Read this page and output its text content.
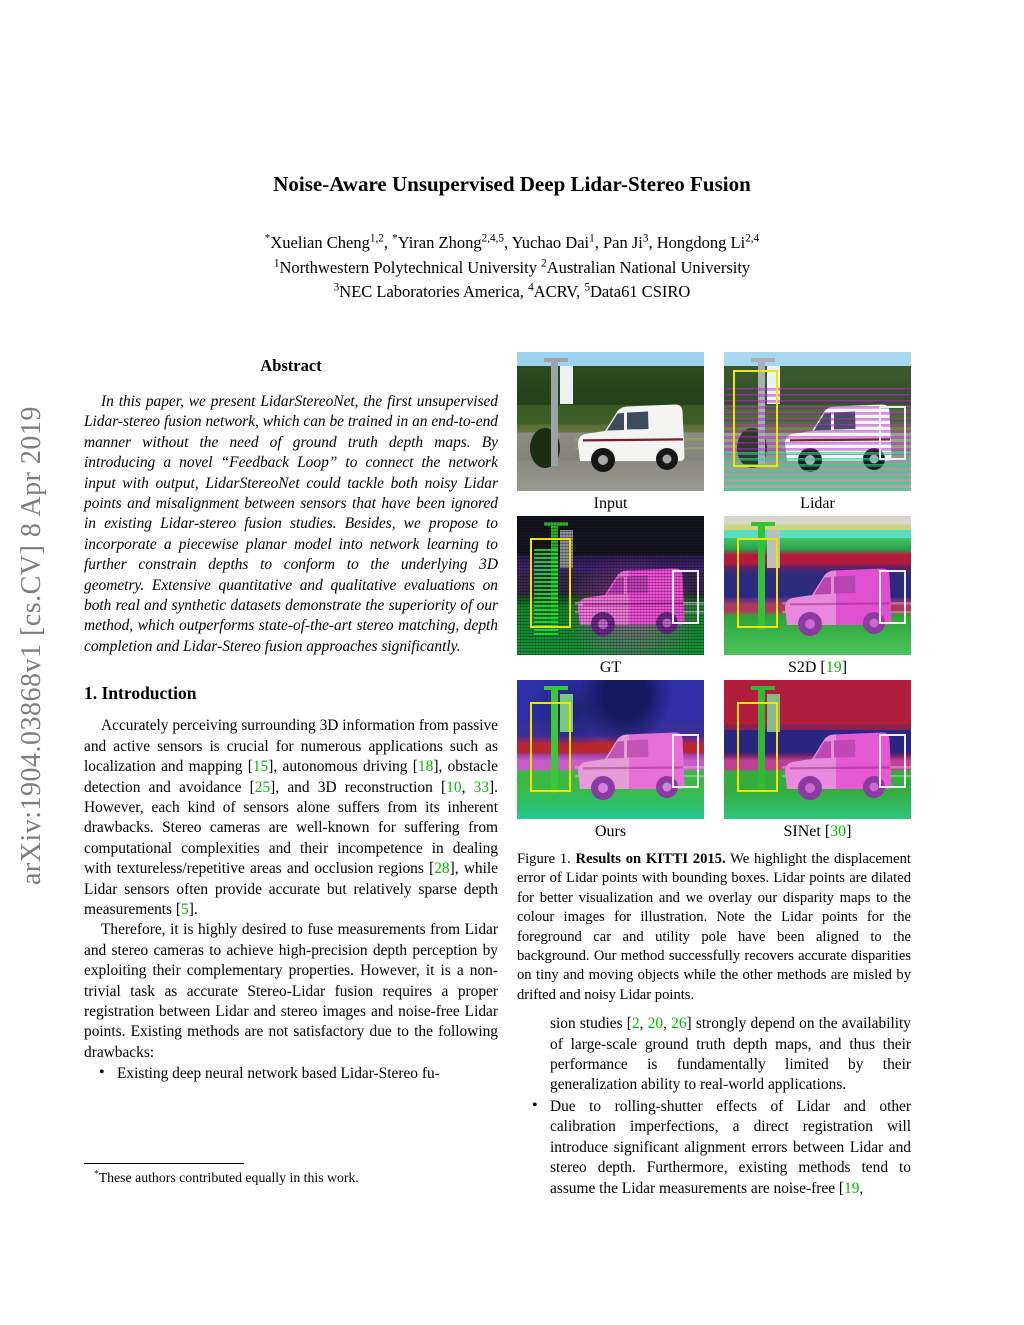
arXiv:1904.03868v1 [cs.CV] 8 Apr 2019
Noise-Aware Unsupervised Deep Lidar-Stereo Fusion
*Xuelian Cheng$^{1,2}$, *Yiran Zhong$^{2,4,5}$, Yuchao Dai$^1$, Pan Ji$^3$, Hongdong Li$^{2,4}$
$^1$Northwestern Polytechnical University $^2$Australian National University
$^3$NEC Laboratories America, $^4$ACRV, $^5$Data61 CSIRO
Abstract
In this paper, we present LidarStereoNet, the first unsupervised Lidar-stereo fusion network, which can be trained in an end-to-end manner without the need of ground truth depth maps. By introducing a novel “Feedback Loop” to connect the network input with output, LidarStereoNet could tackle both noisy Lidar points and misalignment between sensors that have been ignored in existing Lidar-stereo fusion studies. Besides, we propose to incorporate a piecewise planar model into network learning to further constrain depths to conform to the underlying 3D geometry. Extensive quantitative and qualitative evaluations on both real and synthetic datasets demonstrate the superiority of our method, which outperforms state-of-the-art stereo matching, depth completion and Lidar-Stereo fusion approaches significantly.
1. Introduction
Accurately perceiving surrounding 3D information from passive and active sensors is crucial for numerous applications such as localization and mapping [15], autonomous driving [18], obstacle detection and avoidance [25], and 3D reconstruction [10, 33]. However, each kind of sensors alone suffers from its inherent drawbacks. Stereo cameras are well-known for suffering from computational complexities and their incompetence in dealing with textureless/repetitive areas and occlusion regions [28], while Lidar sensors often provide accurate but relatively sparse depth measurements [5].
Therefore, it is highly desired to fuse measurements from Lidar and stereo cameras to achieve high-precision depth perception by exploiting their complementary properties. However, it is a non-trivial task as accurate Stereo-Lidar fusion requires a proper registration between Lidar and stereo images and noise-free Lidar points. Existing methods are not satisfactory due to the following drawbacks:
• Existing deep neural network based Lidar-Stereo fu-
*These authors contributed equally in this work.
Input	Lidar
GT	S2D [19]
Ours	SINet [30]
Figure 1. Results on KITTI 2015. We highlight the displacement error of Lidar points with bounding boxes. Lidar points are dilated for better visualization and we overlay our disparity maps to the colour images for illustration. Note the Lidar points for the foreground car and utility pole have been aligned to the background. Our method successfully recovers accurate disparities on tiny and moving objects while the other methods are misled by drifted and noisy Lidar points.
sion studies [2, 20, 26] strongly depend on the availability of large-scale ground truth depth maps, and thus their performance is fundamentally limited by their generalization ability to real-world applications.
• Due to rolling-shutter effects of Lidar and other calibration imperfections, a direct registration will introduce significant alignment errors between Lidar and stereo depth. Furthermore, existing methods tend to assume the Lidar measurements are noise-free [19,
